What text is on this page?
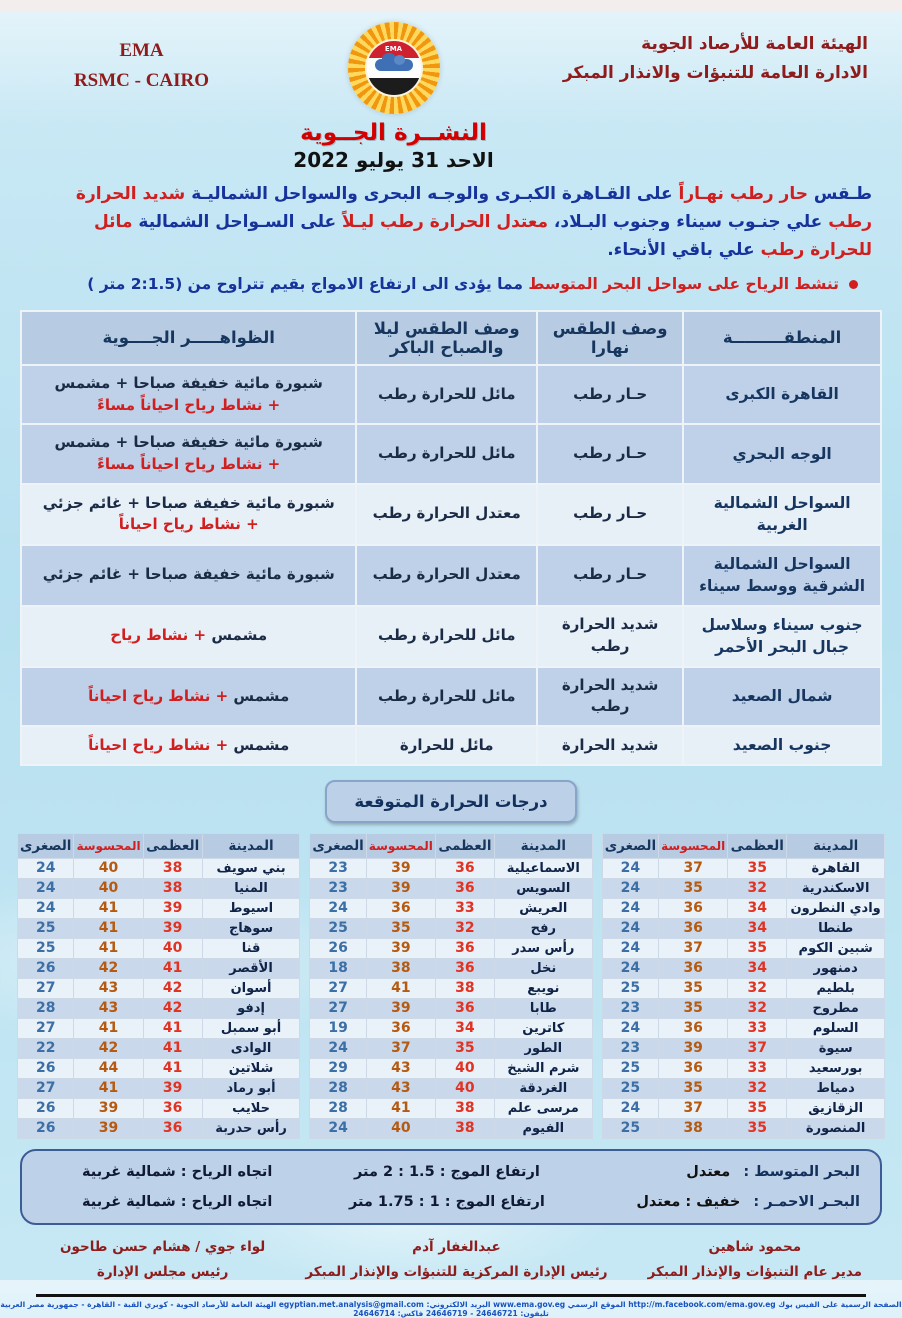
EMA
RSMC - CAIRO
EMA
النشــرة الجــوية
الاحد 31 يوليو 2022
الهيئة العامة للأرصاد الجوية
الادارة العامة للتنبؤات والانذار المبكر
طـقس حار رطب نهـاراً على القـاهرة الكبـرى والوجـه البحرى والسواحل الشماليـة شديد الحرارة رطب علي جنـوب سيناء وجنوب البـلاد، معتدل الحرارة رطب ليـلاً على السـواحل الشمالية مائل للحرارة رطب علي باقي الأنحاء.
تنشط الرياح على سواحل البحر المتوسط مما يؤدى الى ارتفاع الامواج بقيم تتراوح من (2:1.5 متر )
المنطقـــــــــة	وصف الطقس نهارا	وصف الطقس ليلا والصباح الباكر	الظواهـــــر الجــــوية
القاهرة الكبرى	حـار رطب	مائل للحرارة رطب	شبورة مائية خفيفة صباحا + مشمس
+ نشاط رياح احياناً مساءً
الوجه البحري	حـار رطب	مائل للحرارة رطب	شبورة مائية خفيفة صباحا + مشمس
+ نشاط رياح احياناً مساءً
السواحل الشمالية الغربية	حـار رطب	معتدل الحرارة رطب	شبورة مائية خفيفة صباحا + غائم جزئي
+ نشاط رياح احياناً
السواحل الشمالية الشرقية ووسط سيناء	حـار رطب	معتدل الحرارة رطب	شبورة مائية خفيفة صباحا + غائم جزئي
جنوب سيناء وسلاسل جبال البحر الأحمر	شديد الحرارة رطب	مائل للحرارة رطب	مشمس + نشاط رياح
شمال الصعيد	شديد الحرارة رطب	مائل للحرارة رطب	مشمس + نشاط رياح احياناً
جنوب الصعيد	شديد الحرارة	مائل للحرارة	مشمس + نشاط رياح احياناً
درجات الحرارة المتوقعة
المدينة	العظمى	المحسوسة	الصغرى
القاهرة	35	37	24
الاسكندرية	32	35	24
وادي النطرون	34	36	24
طنطا	34	36	24
شبين الكوم	35	37	24
دمنهور	34	36	24
بلطيم	32	35	25
مطروح	32	35	23
السلوم	33	36	24
سيوة	37	39	23
بورسعيد	33	36	25
دمياط	32	35	25
الزقازيق	35	37	24
المنصورة	35	38	25
المدينة	العظمى	المحسوسة	الصغرى
الاسماعيلية	36	39	23
السويس	36	39	23
العريش	33	36	24
رفح	32	35	25
رأس سدر	36	39	26
نخل	36	38	18
نويبع	38	41	27
طابا	36	39	27
كاترين	34	36	19
الطور	35	37	24
شرم الشيخ	40	43	29
الغردقة	40	43	28
مرسى علم	38	41	28
الفيوم	38	40	24
المدينة	العظمى	المحسوسة	الصغرى
بني سويف	38	40	24
المنيا	38	40	24
اسيوط	39	41	24
سوهاج	39	41	25
قنا	40	41	25
الأقصر	41	42	26
أسوان	42	43	27
إدفو	42	43	28
أبو سمبل	41	41	27
الوادى	41	42	22
شلاتين	41	44	26
أبو رماد	39	41	27
حلايب	36	39	26
رأس حدربة	36	39	26
البحر المتوسط : معتدل
ارتفاع الموج : 1.5 : 2 متر
اتجاه الرياح : شمالية غربية
البحـر الاحمـر : خفيف : معتدل
ارتفاع الموج : 1 : 1.75 متر
اتجاه الرياح : شمالية غربية
محمود شاهين
مدير عام التنبؤات والإنذار المبكر
عبدالغفار آدم
رئيس الإدارة المركزية للتنبؤات والإنذار المبكر
لواء جوي / هشام حسن طاحون
رئيس مجلس الإدارة
الصفحة الرسمية على الفيس بوك http://m.facebook.com/ema.gov.eg الموقع الرسمي www.ema.gov.eg البريد الالكتروني: egyptian.met.analysis@gmail.com الهيئة العامة للأرصاد الجوية - كوبري القبة - القاهرة - جمهورية مصر العربية تليفون: 24646721 - 24646719 فاكس: 24646714
